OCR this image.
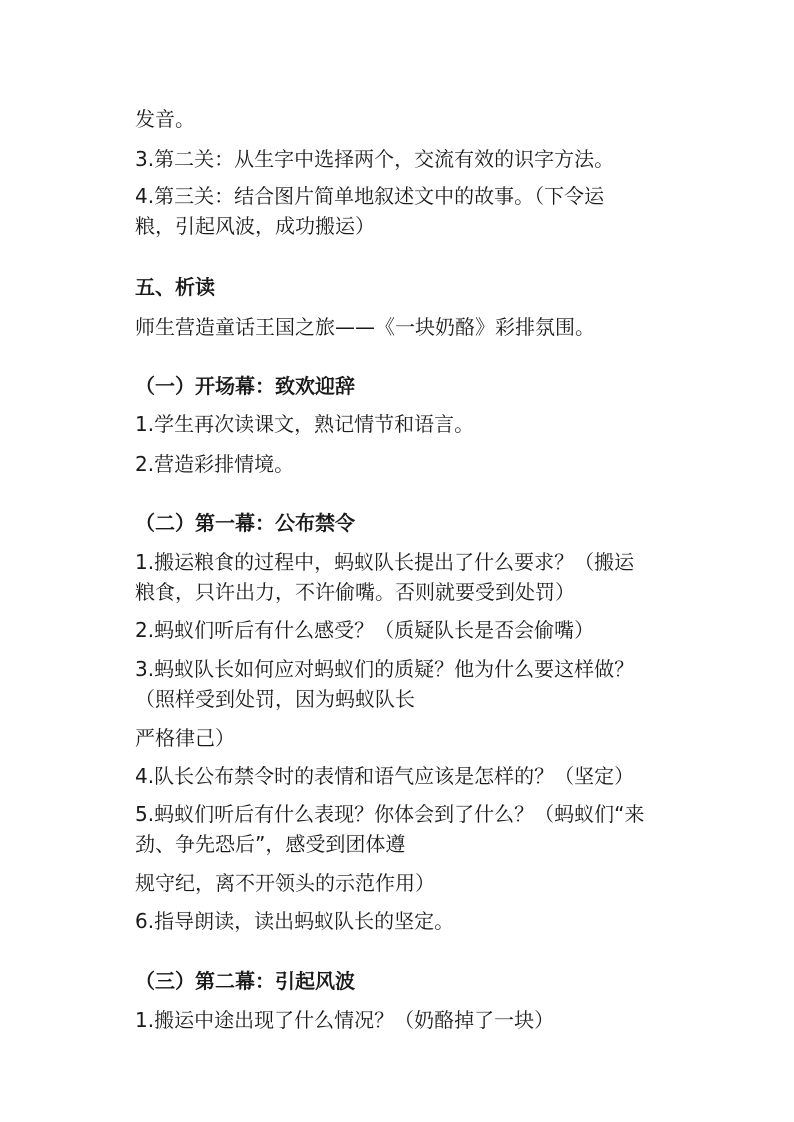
发音。
3.第二关：从生字中选择两个，交流有效的识字方法。
4.第三关：结合图片简单地叙述文中的故事。（下令运
粮，引起风波，成功搬运）
五、析读
师生营造童话王国之旅——《一块奶酪》彩排氛围。
（一）开场幕：致欢迎辞
1.学生再次读课文，熟记情节和语言。
2.营造彩排情境。
（二）第一幕：公布禁令
1.搬运粮食的过程中，蚂蚁队长提出了什么要求？（搬运
粮食，只许出力，不许偷嘴。否则就要受到处罚）
2.蚂蚁们听后有什么感受？（质疑队长是否会偷嘴）
3.蚂蚁队长如何应对蚂蚁们的质疑？他为什么要这样做？
（照样受到处罚，因为蚂蚁队长
严格律己）
4.队长公布禁令时的表情和语气应该是怎样的？（坚定）
5.蚂蚁们听后有什么表现？你体会到了什么？（蚂蚁们“来
劲、争先恐后”，感受到团体遵
规守纪，离不开领头的示范作用）
6.指导朗读，读出蚂蚁队长的坚定。
（三）第二幕：引起风波
1.搬运中途出现了什么情况？（奶酪掉了一块）
